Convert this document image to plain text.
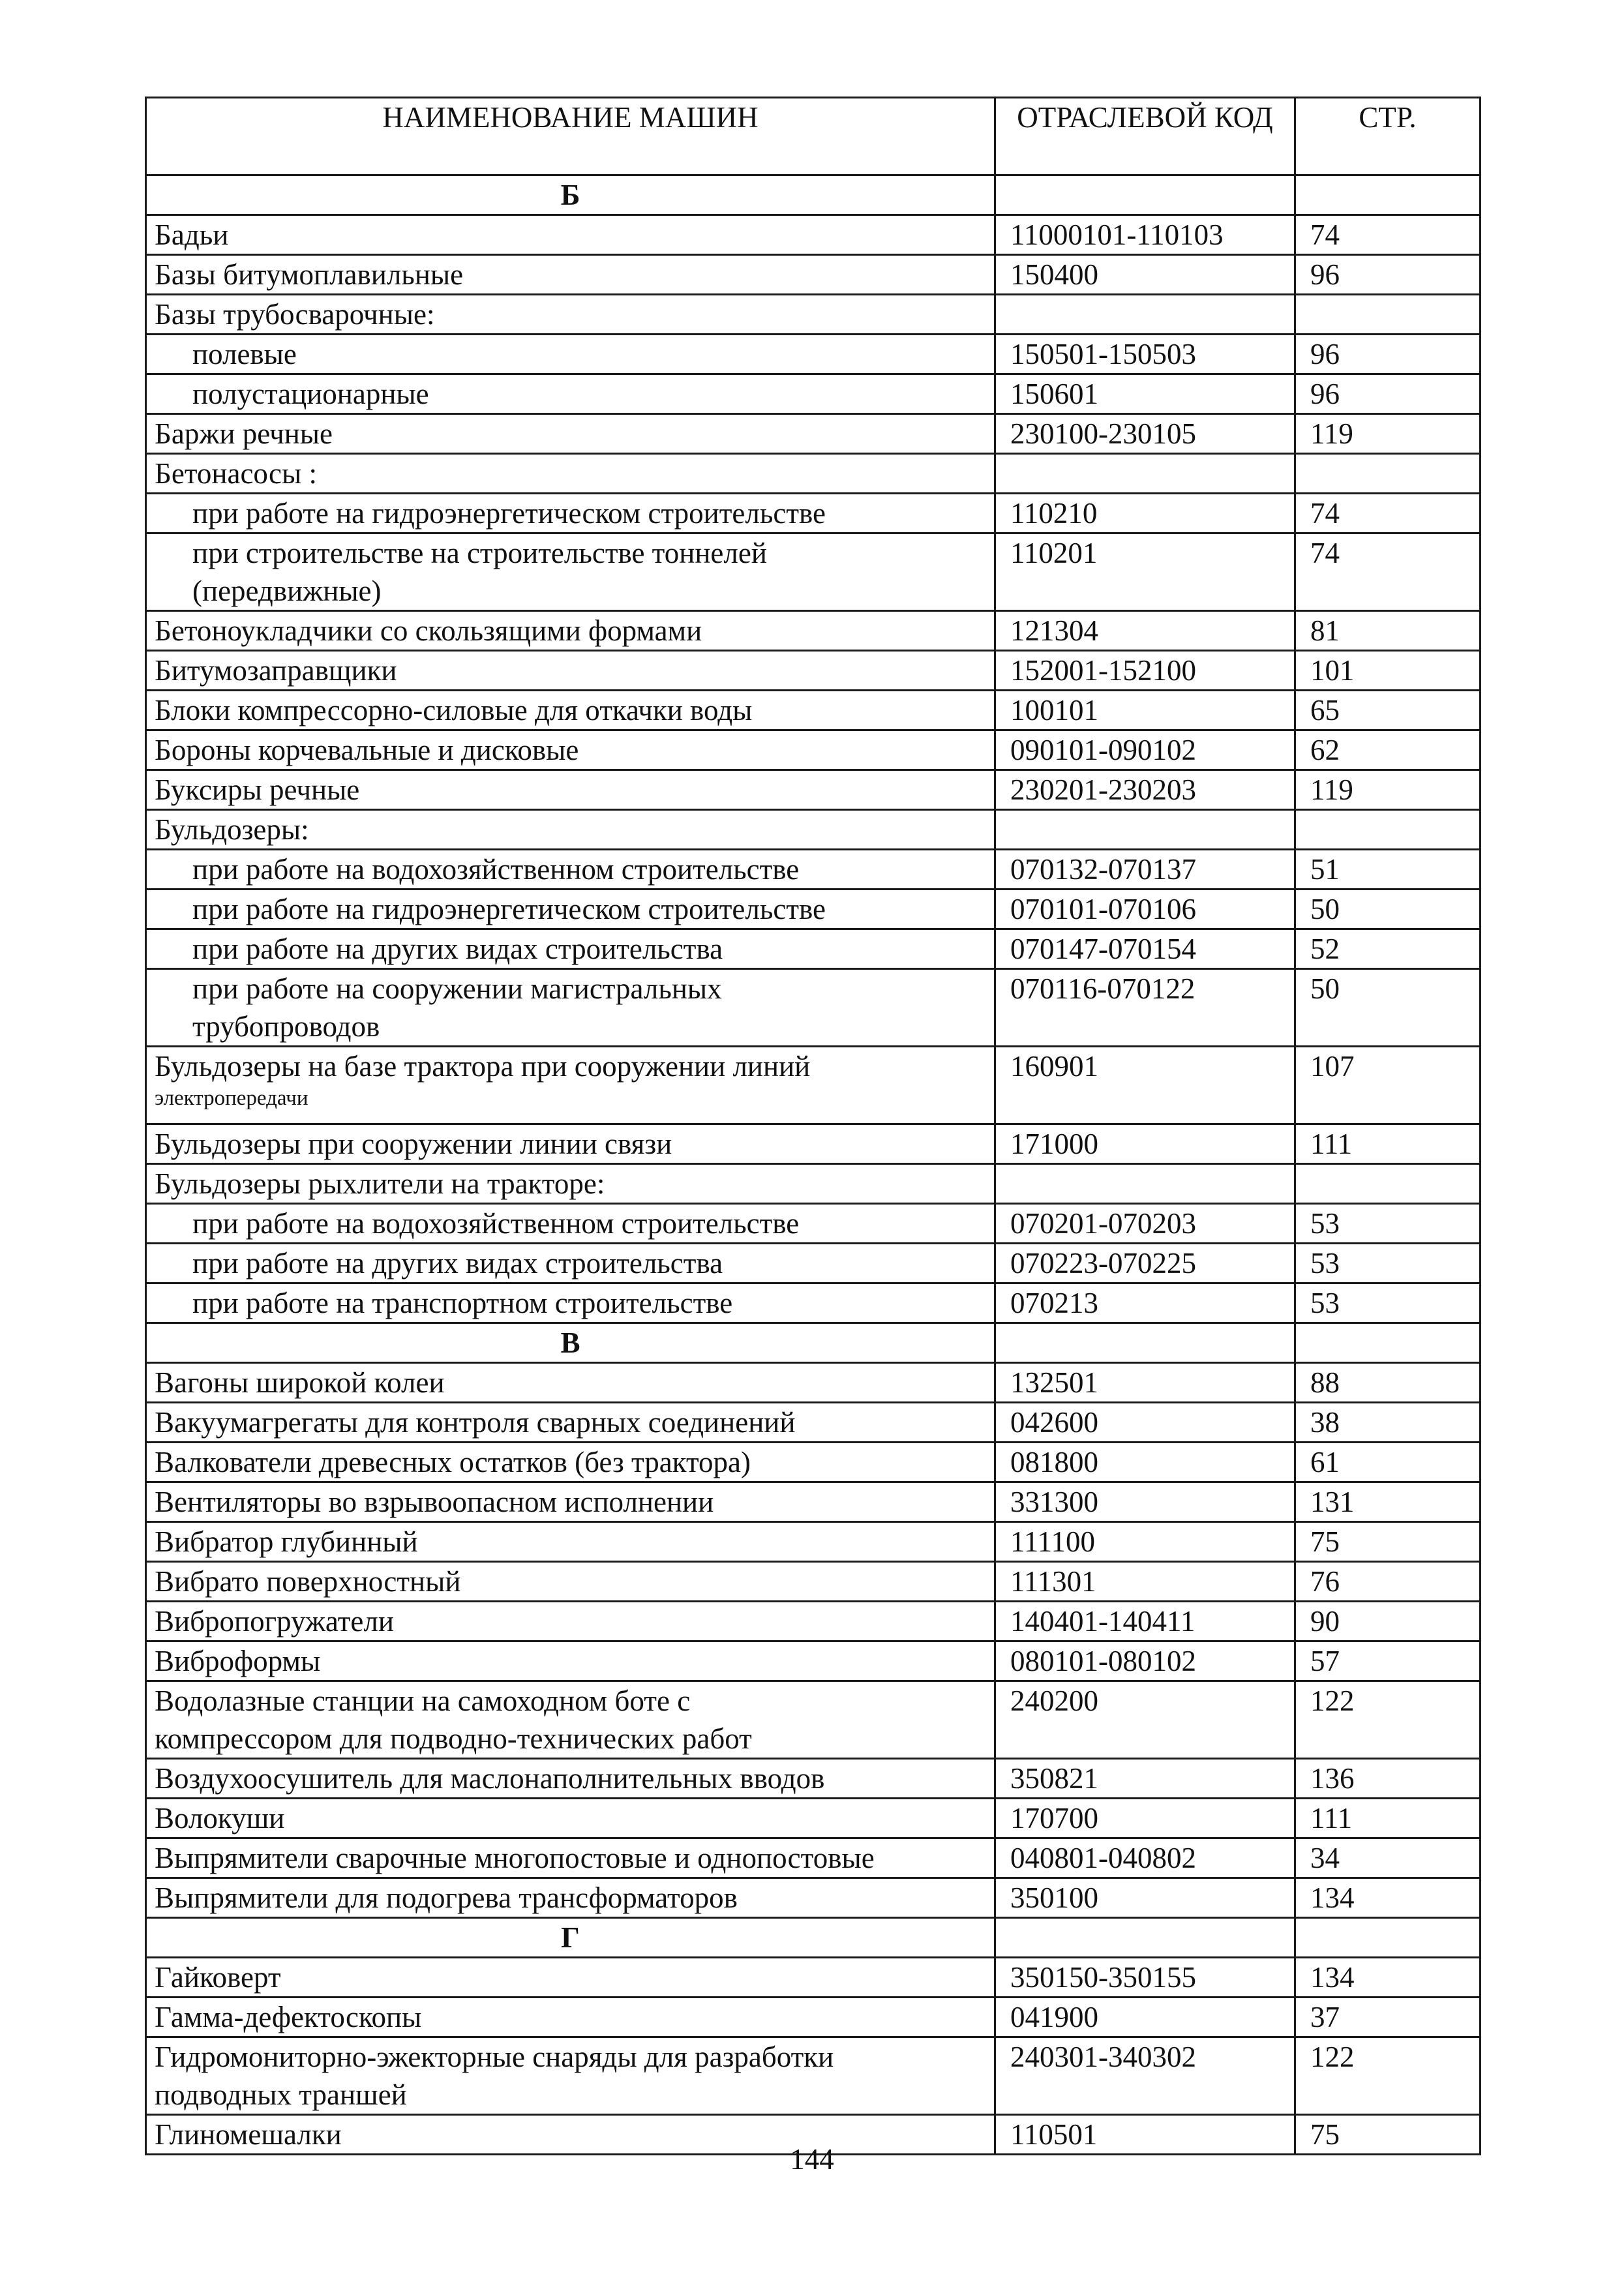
НАИМЕНОВАНИЕ МАШИН	ОТРАСЛЕВОЙ КОД	СТР.
Б		
Бадьи	11000101-110103	74
Базы битумоплавильные	150400	96
Базы трубосварочные:		
полевые	150501-150503	96
полустационарные	150601	96
Баржи речные	230100-230105	119
Бетонасосы :		
при работе на гидроэнергетическом строительстве	110210	74
при строительстве на строительстве тоннелей
(передвижные)	110201	74
Бетоноукладчики со скользящими формами	121304	81
Битумозаправщики	152001-152100	101
Блоки компрессорно-силовые для откачки воды	100101	65
Бороны корчевальные и дисковые	090101-090102	62
Буксиры речные	230201-230203	119
Бульдозеры:		
при работе на водохозяйственном строительстве	070132-070137	51
при работе на гидроэнергетическом строительстве	070101-070106	50
при работе на других видах строительства	070147-070154	52
при работе на сооружении магистральных
трубопроводов	070116-070122	50
Бульдозеры на базе трактора при сооружении линий
электропередачи	160901	107
Бульдозеры при сооружении линии связи	171000	111
Бульдозеры рыхлители на тракторе:		
при работе на водохозяйственном строительстве	070201-070203	53
при работе на других видах строительства	070223-070225	53
при работе на транспортном строительстве	070213	53
В		
Вагоны широкой колеи	132501	88
Вакуумагрегаты для контроля сварных соединений	042600	38
Валкователи древесных остатков (без трактора)	081800	61
Вентиляторы во взрывоопасном исполнении	331300	131
Вибратор глубинный	111100	75
Вибрато поверхностный	111301	76
Вибропогружатели	140401-140411	90
Виброформы	080101-080102	57
Водолазные станции на самоходном боте с
компрессором для подводно-технических работ	240200	122
Воздухоосушитель для маслонаполнительных вводов	350821	136
Волокуши	170700	111
Выпрямители сварочные многопостовые и однопостовые	040801-040802	34
Выпрямители для подогрева трансформаторов	350100	134
Г		
Гайковерт	350150-350155	134
Гамма-дефектоскопы	041900	37
Гидромониторно-эжекторные снаряды для разработки
подводных траншей	240301-340302	122
Глиномешалки	110501	75
144
